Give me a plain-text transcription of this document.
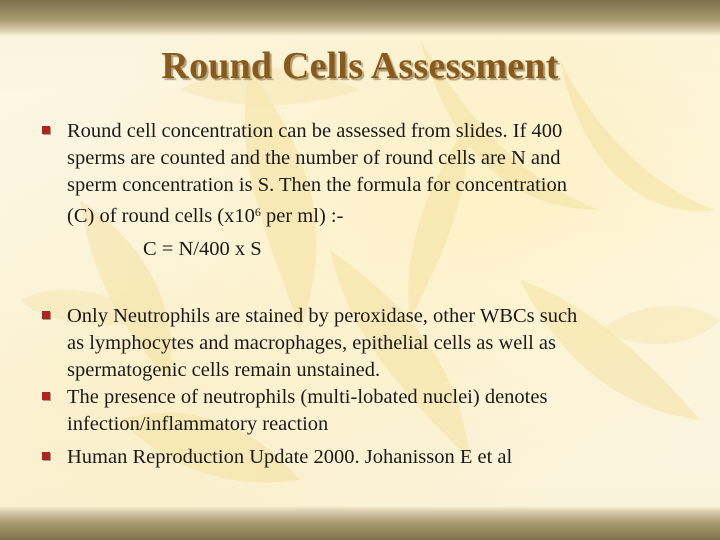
Round Cells Assessment
Round cell concentration can be assessed from slides. If 400
sperms are counted and the number of round cells are N and
sperm concentration is S. Then the formula for concentration
(C) of round cells ($x10^6$ per ml) :-
C = N/400 x S
Only Neutrophils are stained by peroxidase, other WBCs such
as lymphocytes and macrophages, epithelial cells as well as
spermatogenic cells remain unstained.
The presence of neutrophils (multi-lobated nuclei) denotes
infection/inflammatory reaction
Human Reproduction Update 2000. Johanisson E et al
